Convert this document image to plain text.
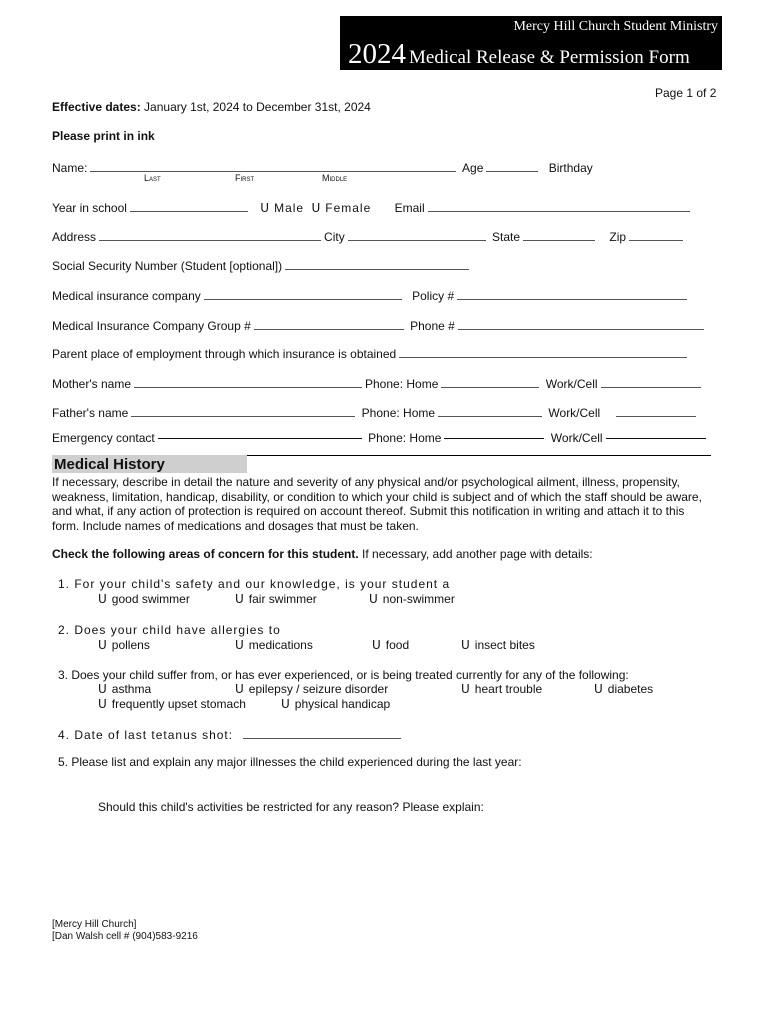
Mercy Hill Church Student Ministry
2024 Medical Release & Permission Form
Page 1 of 2
Effective dates: January 1st, 2024 to December 31st, 2024
Please print in ink
Name:	Age	Birthday
Last	First	Middle
Year in school	U Male U Female Email
Address	City	State	Zip
Social Security Number (Student [optional])
Medical insurance company	Policy #
Medical Insurance Company Group #	Phone #
Parent place of employment through which insurance is obtained
Mother's name	Phone: Home	Work/Cell
Father's name	Phone: Home	Work/Cell
Emergency contact	Phone: Home	Work/Cell
Medical History
If necessary, describe in detail the nature and severity of any physical and/or psychological ailment, illness, propensity, weakness, limitation, handicap, disability, or condition to which your child is subject and of which the staff should be aware, and what, if any action of protection is required on account thereof. Submit this notification in writing and attach it to this form. Include names of medications and dosages that must be taken.
Check the following areas of concern for this student. If necessary, add another page with details:
1. For your child's safety and our knowledge, is your student a
U good swimmer	U fair swimmer	U non-swimmer
2. Does your child have allergies to
U pollens	U medications	U food	U insect bites
3. Does your child suffer from, or has ever experienced, or is being treated currently for any of the following:
U asthma	U epilepsy / seizure disorder	U heart trouble	U diabetes
U frequently upset stomach	U physical handicap
4. Date of last tetanus shot:
5. Please list and explain any major illnesses the child experienced during the last year:
Should this child's activities be restricted for any reason? Please explain:
[Mercy Hill Church]
[Dan Walsh cell # (904)583-9216
